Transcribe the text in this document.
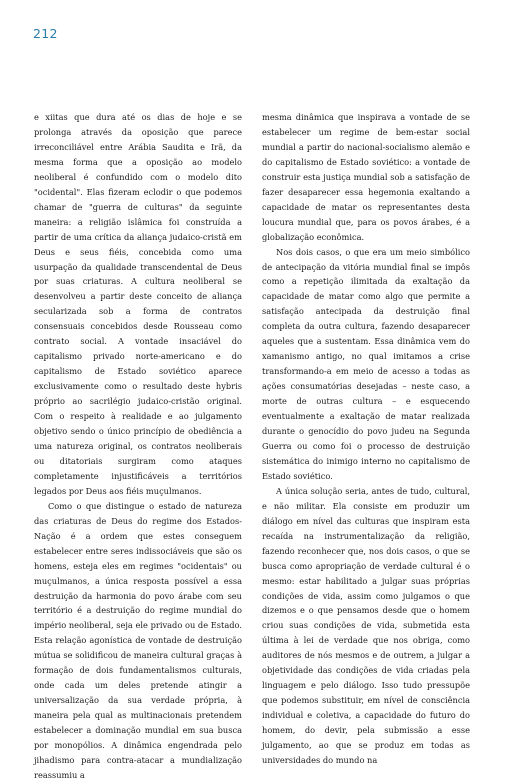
212

e xiitas que dura até os dias de hoje e se prolonga através da oposição que parece irreconciliável entre Arábia Saudita e Irã, da mesma forma que a oposição ao modelo neoliberal é confundido com o modelo dito "ocidental". Elas fizeram eclodir o que podemos chamar de "guerra de culturas" da seguinte maneira: a religião islâmica foi construída a partir de uma crítica da aliança judaico-cristã em Deus e seus fiéis, concebida como uma usurpação da qualidade transcendental de Deus por suas criaturas. A cultura neoliberal se desenvolveu a partir deste conceito de aliança secularizada sob a forma de contratos consensuais concebidos desde Rousseau como contrato social. A vontade insaciável do capitalismo privado norte-americano e do capitalismo de Estado soviético aparece exclusivamente como o resultado deste hybris próprio ao sacrilégio judaico-cristão original. Com o respeito à realidade e ao julgamento objetivo sendo o único princípio de obediência a uma natureza original, os contratos neoliberais ou ditatoriais surgiram como ataques completamente injustificáveis a territórios legados por Deus aos fiéis muçulmanos.

Como o que distingue o estado de natureza das criaturas de Deus do regime dos Estados-Nação é a ordem que estes conseguem estabelecer entre seres indissociáveis que são os homens, esteja eles em regimes "ocidentais" ou muçulmanos, a única resposta possível a essa destruição da harmonia do povo árabe com seu território é a destruição do regime mundial do império neoliberal, seja ele privado ou de Estado. Esta relação agonística de vontade de destruição mútua se solidificou de maneira cultural graças à formação de dois fundamentalismos culturais, onde cada um deles pretende atingir a universalização da sua verdade própria, à maneira pela qual as multinacionais pretendem estabelecer a dominação mundial em sua busca por monopólios. A dinâmica engendrada pelo jihadismo para contra-atacar a mundialização reassumiu a

mesma dinâmica que inspirava a vontade de se estabelecer um regime de bem-estar social mundial a partir do nacional-socialismo alemão e do capitalismo de Estado soviético: a vontade de construir esta justiça mundial sob a satisfação de fazer desaparecer essa hegemonia exaltando a capacidade de matar os representantes desta loucura mundial que, para os povos árabes, é a globalização econômica.

Nos dois casos, o que era um meio simbólico de antecipação da vitória mundial final se impôs como a repetição ilimitada da exaltação da capacidade de matar como algo que permite a satisfação antecipada da destruição final completa da outra cultura, fazendo desaparecer aqueles que a sustentam. Essa dinâmica vem do xamanismo antigo, no qual imitamos a crise transformando-a em meio de acesso a todas as ações consumatórias desejadas – neste caso, a morte de outras cultura – e esquecendo eventualmente a exaltação de matar realizada durante o genocídio do povo judeu na Segunda Guerra ou como foi o processo de destruição sistemática do inimigo interno no capitalismo de Estado soviético.

A única solução seria, antes de tudo, cultural, e não militar. Ela consiste em produzir um diálogo em nível das culturas que inspiram esta recaída na instrumentalização da religião, fazendo reconhecer que, nos dois casos, o que se busca como apropriação de verdade cultural é o mesmo: estar habilitado a julgar suas próprias condições de vida, assim como julgamos o que dizemos e o que pensamos desde que o homem criou suas condições de vida, submetida esta última à lei de verdade que nos obriga, como auditores de nós mesmos e de outrem, a julgar a objetividade das condições de vida criadas pela linguagem e pelo diálogo. Isso tudo pressupõe que podemos substituir, em nível de consciência individual e coletiva, a capacidade do futuro do homem, do devir, pela submissão a esse julgamento, ao que se produz em todas as universidades do mundo na
